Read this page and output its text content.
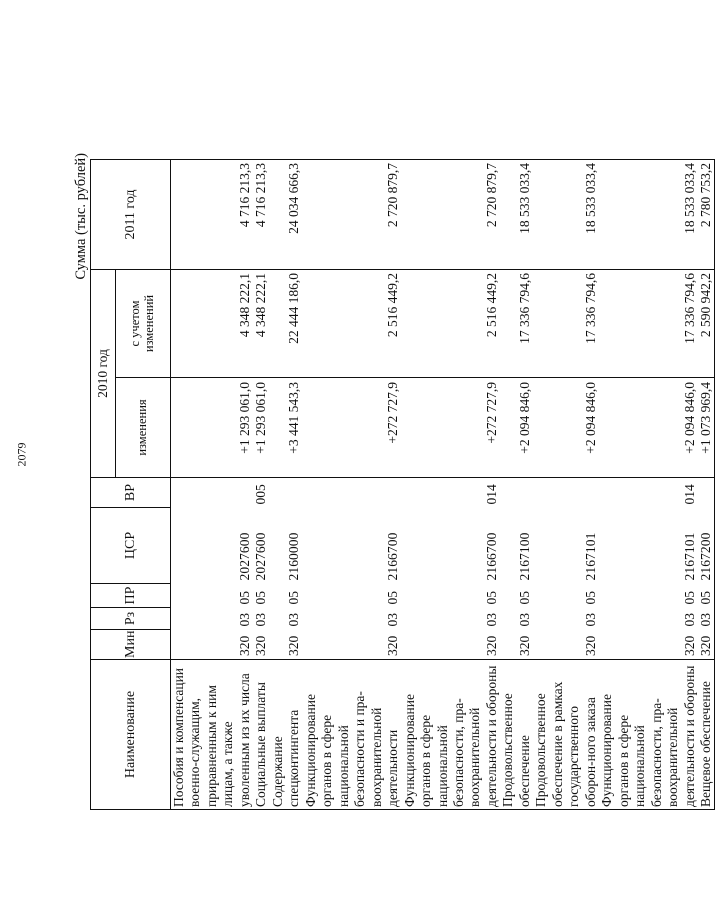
2079
Сумма (тыс. рублей)
Наименование	Мин	Рз	ПР	ЦСР	ВР	2010 год		2011 год
						изменения	с учетом изменений	
Пособия и компенсации военно-служащим, приравненным к ним лицам, а также уволенным из их числа	320	03	05	2027600		+1 293 061,0	4 348 222,1	4 716 213,3
Социальные выплаты	320	03	05	2027600	005	+1 293 061,0	4 348 222,1	4 716 213,3
Содержание спецконтингента	320	03	05	2160000		+3 441 543,3	22 444 186,0	24 034 666,3
Функционирование органов в сфере национальной безопасности и пра-воохранительной деятельности	320	03	05	2166700		+272 727,9	2 516 449,2	2 720 879,7
Функционирование органов в сфере национальной безопасности, пра-воохранительной деятельности и обороны	320	03	05	2166700	014	+272 727,9	2 516 449,2	2 720 879,7
Продовольственное обеспечение	320	03	05	2167100		+2 094 846,0	17 336 794,6	18 533 033,4
Продовольственное обеспечение в рамках государственного оборон-ного заказа	320	03	05	2167101		+2 094 846,0	17 336 794,6	18 533 033,4
Функционирование органов в сфере национальной безопасности, пра-воохранительной деятельности и обороны	320	03	05	2167101	014	+2 094 846,0	17 336 794,6	18 533 033,4
Вещевое обеспечение	320	03	05	2167200		+1 073 969,4	2 590 942,2	2 780 753,2
